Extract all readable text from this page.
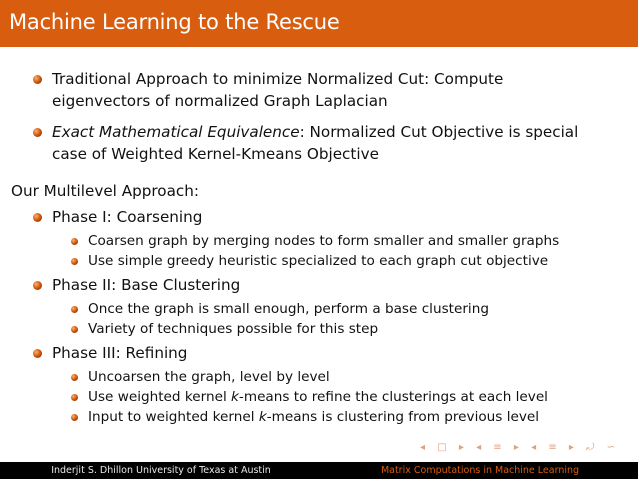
Machine Learning to the Rescue
Traditional Approach to minimize Normalized Cut: Compute
eigenvectors of normalized Graph Laplacian
Exact Mathematical Equivalence: Normalized Cut Objective is special
case of Weighted Kernel-Kmeans Objective
Our Multilevel Approach:
Phase I: Coarsening
Coarsen graph by merging nodes to form smaller and smaller graphs
Use simple greedy heuristic specialized to each graph cut objective
Phase II: Base Clustering
Once the graph is small enough, perform a base clustering
Variety of techniques possible for this step
Phase III: Refining
Uncoarsen the graph, level by level
Use weighted kernel k-means to refine the clusterings at each level
Input to weighted kernel k-means is clustering from previous level
◂ □ ▸ ◂ ≡ ▸ ◂ ≡ ▸ ⤾ ∽
Inderjit S. Dhillon University of Texas at Austin	Matrix Computations in Machine Learning
